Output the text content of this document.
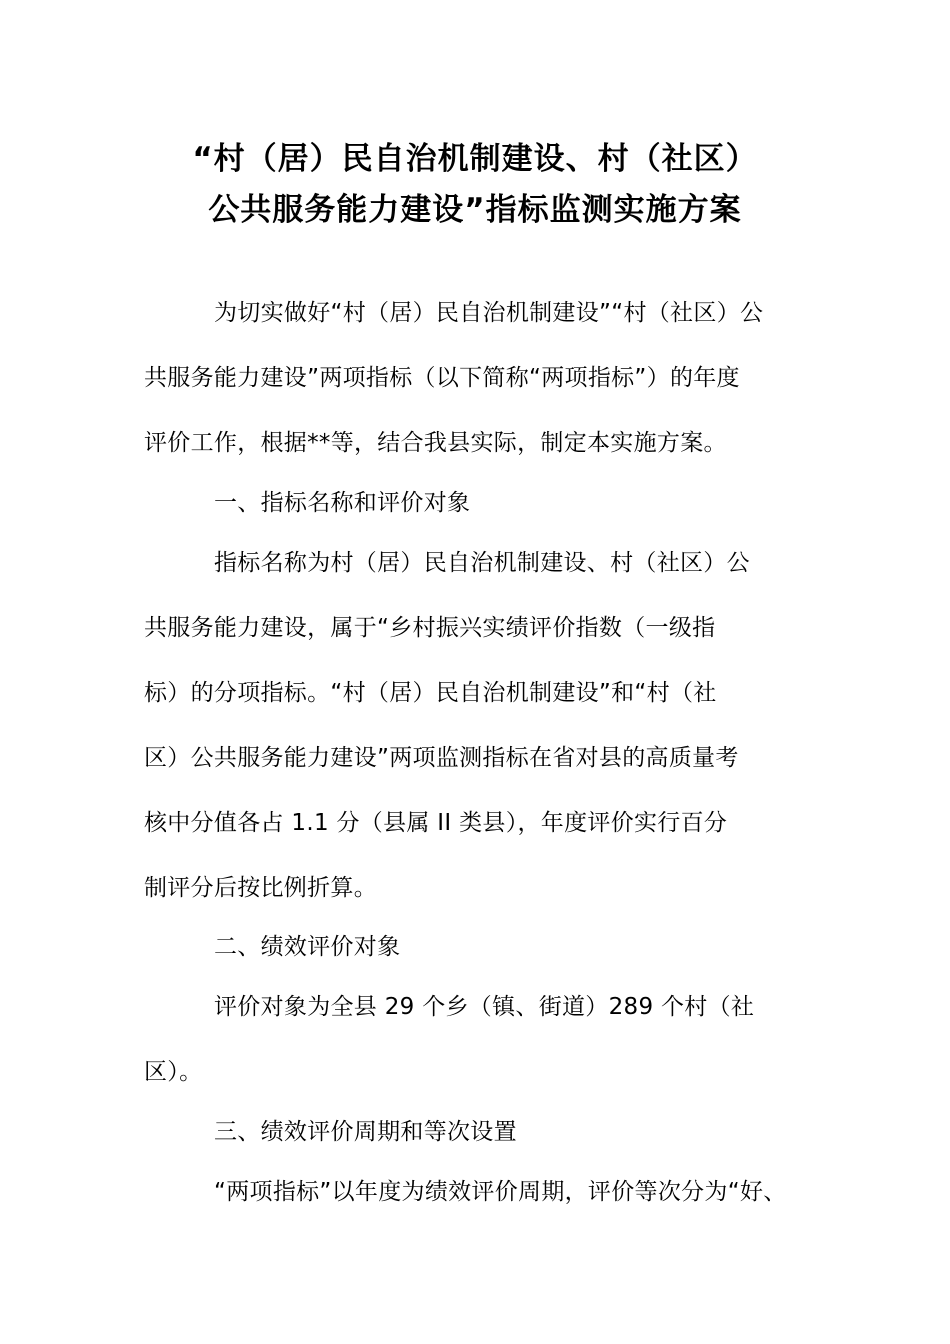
“村（居）民自治机制建设、村（社区）
公共服务能力建设”指标监测实施方案
为切实做好“村（居）民自治机制建设”“村（社区）公
共服务能力建设”两项指标（以下简称“两项指标”）的年度
评价工作，根据**等，结合我县实际，制定本实施方案。
一、指标名称和评价对象
指标名称为村（居）民自治机制建设、村（社区）公
共服务能力建设，属于“乡村振兴实绩评价指数（一级指
标）的分项指标。“村（居）民自治机制建设”和“村（社
区）公共服务能力建设”两项监测指标在省对县的高质量考
核中分值各占 1.1 分（县属 II 类县），年度评价实行百分
制评分后按比例折算。
二、绩效评价对象
评价对象为全县 29 个乡（镇、街道）289 个村（社
区）。
三、绩效评价周期和等次设置
“两项指标”以年度为绩效评价周期，评价等次分为“好、
